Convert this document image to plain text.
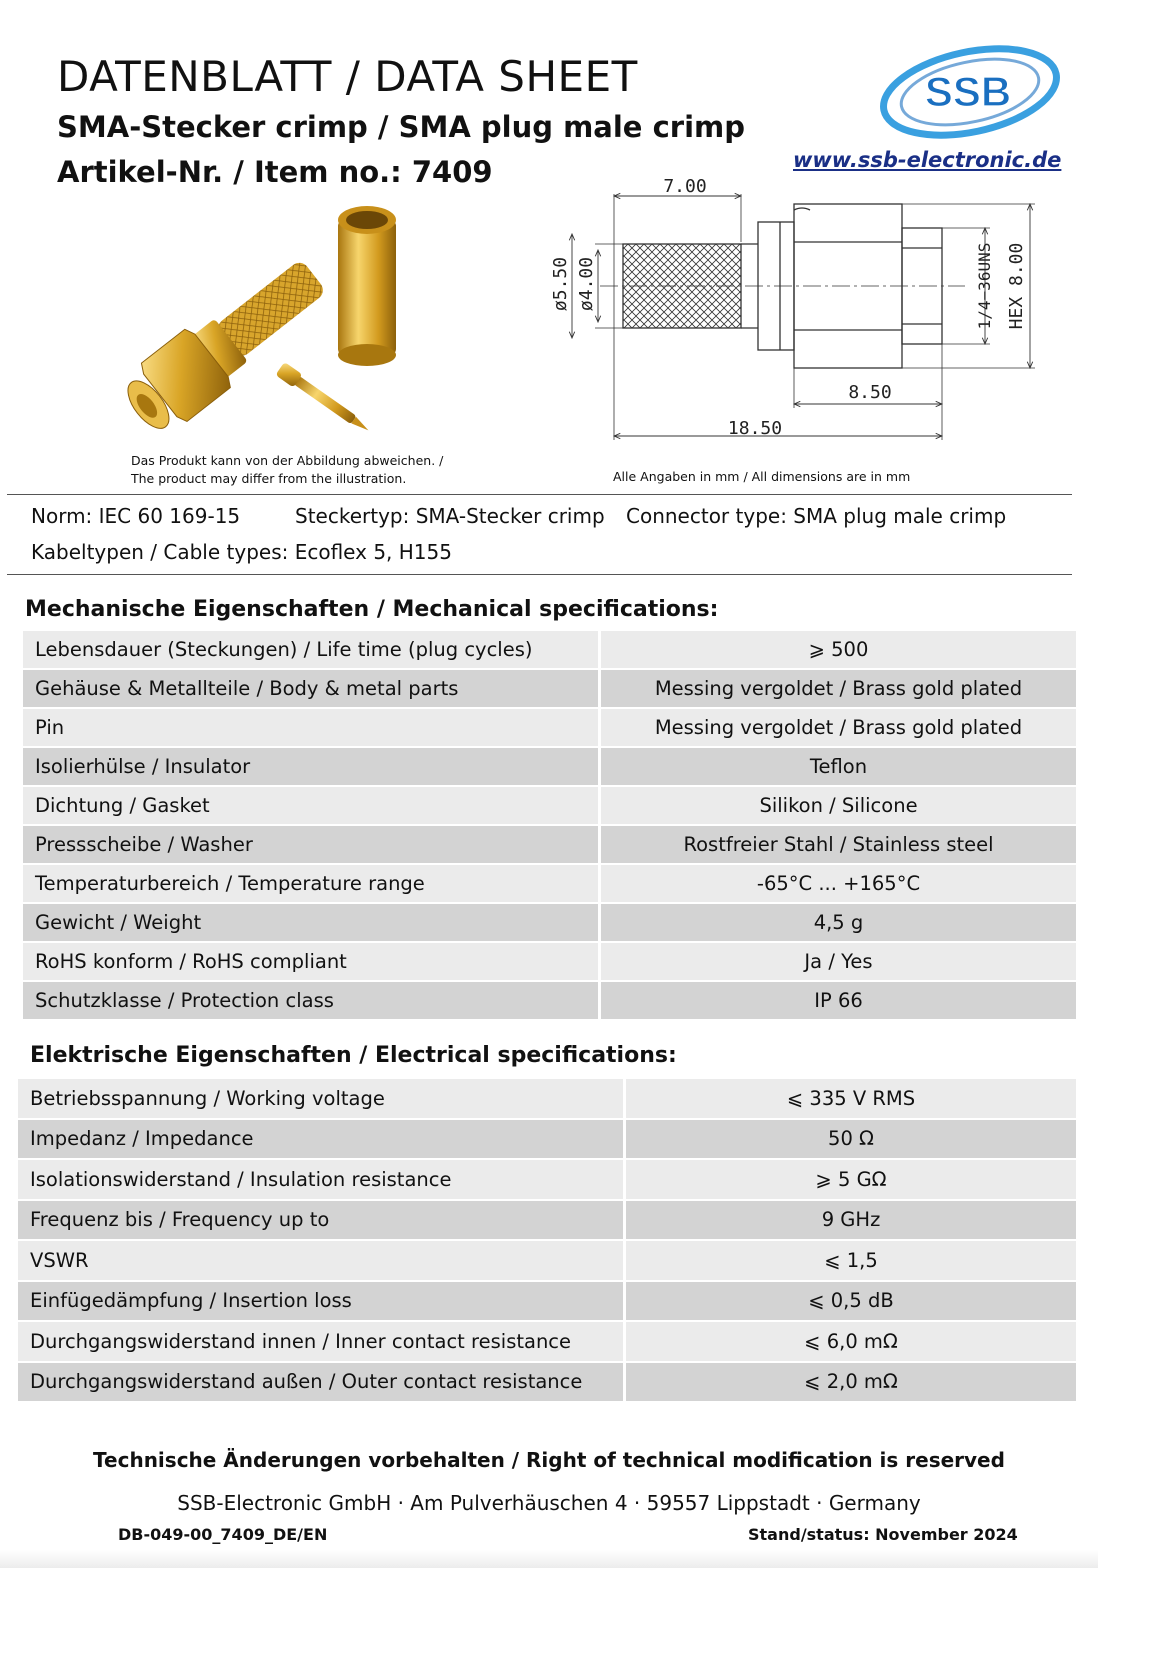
DATENBLATT / DATA SHEET
SMA-Stecker crimp / SMA plug male crimp
Artikel-Nr. / Item no.: 7409
SSB
www.ssb-electronic.de
Das Produkt kann von der Abbildung abweichen. /
The product may differ from the illustration.
7.00
8.50
18.50
ø5.50 ø4.00	1/4−36UNS HEX 8.00
Alle Angaben in mm / All dimensions are in mm
Norm: IEC 60 169-15	Steckertyp: SMA-Stecker crimp Connector type: SMA plug male crimp
Kabeltypen / Cable types: Ecoflex 5, H155
Mechanische Eigenschaften / Mechanical specifications:
Lebensdauer (Steckungen) / Life time (plug cycles)	⩾ 500
Gehäuse & Metallteile / Body & metal parts	Messing vergoldet / Brass gold plated
Pin	Messing vergoldet / Brass gold plated
Isolierhülse / Insulator	Teflon
Dichtung / Gasket	Silikon / Silicone
Pressscheibe / Washer	Rostfreier Stahl / Stainless steel
Temperaturbereich / Temperature range	-65°C ... +165°C
Gewicht / Weight	4,5 g
RoHS konform / RoHS compliant	Ja / Yes
Schutzklasse / Protection class	IP 66
Elektrische Eigenschaften / Electrical specifications:
Betriebsspannung / Working voltage	⩽ 335 V RMS
Impedanz / Impedance	50 Ω
Isolationswiderstand / Insulation resistance	⩾ 5 GΩ
Frequenz bis / Frequency up to	9 GHz
VSWR	⩽ 1,5
Einfügedämpfung / Insertion loss	⩽ 0,5 dB
Durchgangswiderstand innen / Inner contact resistance	⩽ 6,0 mΩ
Durchgangswiderstand außen / Outer contact resistance	⩽ 2,0 mΩ
Technische Änderungen vorbehalten / Right of technical modification is reserved
SSB-Electronic GmbH · Am Pulverhäuschen 4 · 59557 Lippstadt · Germany
DB-049-00_7409_DE/EN	Stand/status: November 2024
